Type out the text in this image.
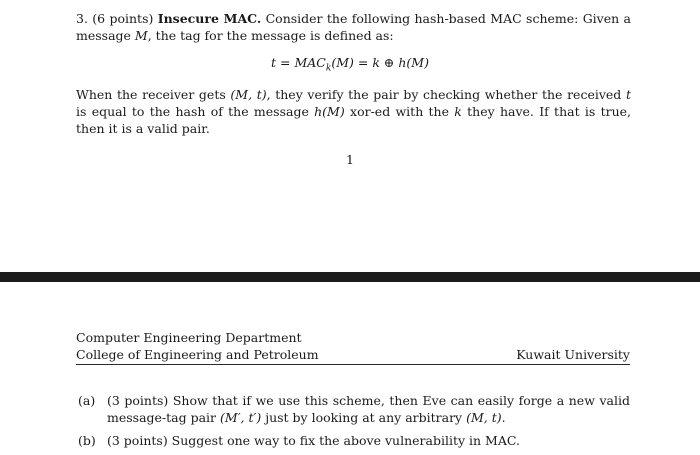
3. (6 points) Insecure MAC. Consider the following hash-based MAC scheme: Given a message M, the tag for the message is defined as:
$t = MAC_k(M) = k$ ⊕ h(M)
When the receiver gets (M, t), they verify the pair by checking whether the received t is equal to the hash of the message h(M) xor-ed with the k they have. If that is true, then it is a valid pair.
1
Computer Engineering Department
College of Engineering and Petroleum	Kuwait University
(a) (3 points) Show that if we use this scheme, then Eve can easily forge a new valid message-tag pair (M′, t′) just by looking at any arbitrary (M, t).
(b) (3 points) Suggest one way to fix the above vulnerability in MAC.
